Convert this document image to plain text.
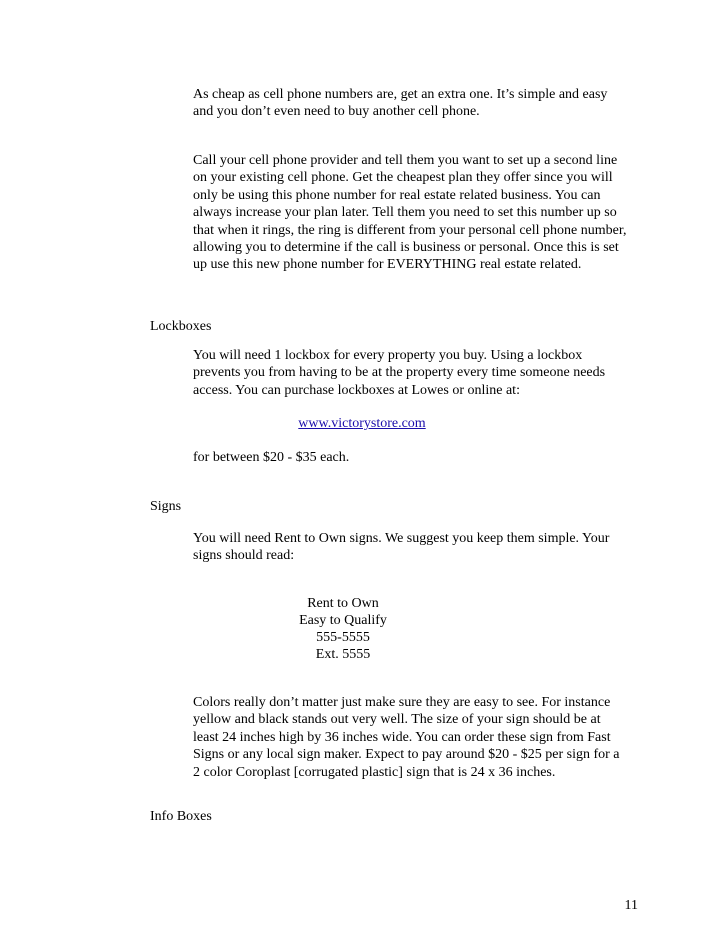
As cheap as cell phone numbers are, get an extra one. It’s simple and easy and you don’t even need to buy another cell phone.

Call your cell phone provider and tell them you want to set up a second line on your existing cell phone. Get the cheapest plan they offer since you will only be using this phone number for real estate related business. You can always increase your plan later. Tell them you need to set this number up so that when it rings, the ring is different from your personal cell phone number, allowing you to determine if the call is business or personal. Once this is set up use this new phone number for EVERYTHING real estate related.

Lockboxes

You will need 1 lockbox for every property you buy. Using a lockbox prevents you from having to be at the property every time someone needs access. You can purchase lockboxes at Lowes or online at:

www.victorystore.com

for between $20 - $35 each.

Signs

You will need Rent to Own signs. We suggest you keep them simple. Your signs should read:

Rent to Own

Easy to Qualify

555-5555

Ext. 5555

Colors really don’t matter just make sure they are easy to see. For instance yellow and black stands out very well. The size of your sign should be at least 24 inches high by 36 inches wide. You can order these sign from Fast Signs or any local sign maker. Expect to pay around $20 - $25 per sign for a 2 color Coroplast [corrugated plastic] sign that is 24 x 36 inches.

Info Boxes

11
